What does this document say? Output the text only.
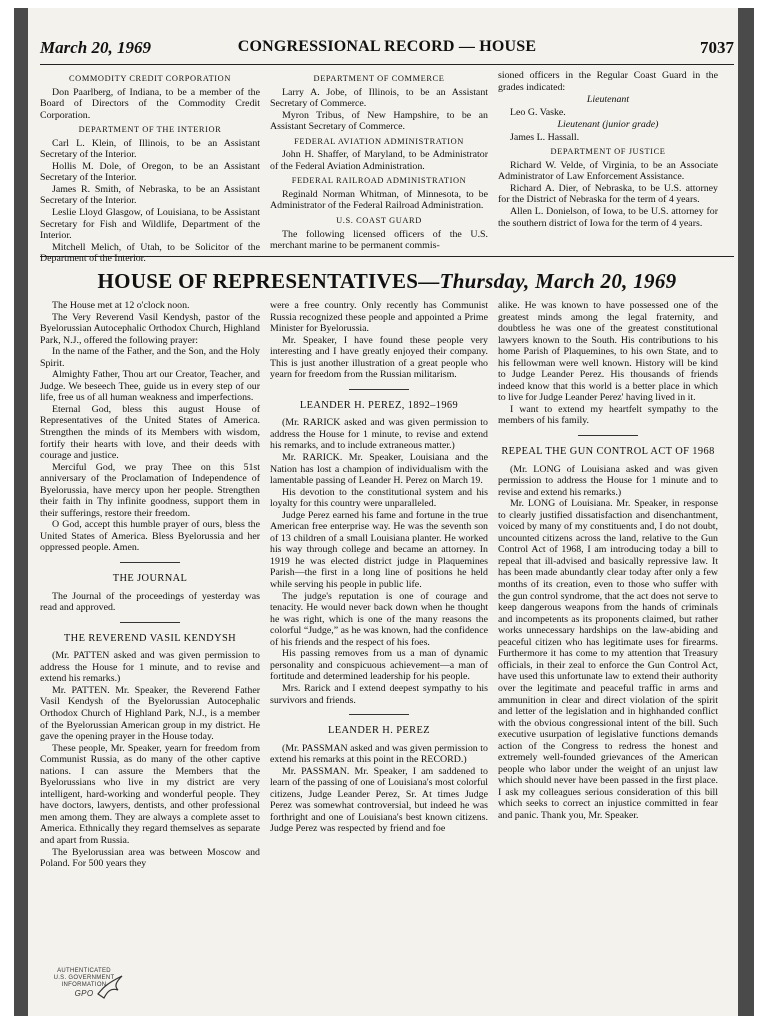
March 20, 1969	CONGRESSIONAL RECORD — HOUSE	7037
COMMODITY CREDIT CORPORATION

Don Paarlberg, of Indiana, to be a member of the Board of Directors of the Commodity Credit Corporation.

DEPARTMENT OF THE INTERIOR

Carl L. Klein, of Illinois, to be an Assistant Secretary of the Interior.

Hollis M. Dole, of Oregon, to be an Assistant Secretary of the Interior.

James R. Smith, of Nebraska, to be an Assistant Secretary of the Interior.

Leslie Lloyd Glasgow, of Louisiana, to be Assistant Secretary for Fish and Wildlife, Department of the Interior.

Mitchell Melich, of Utah, to be Solicitor of the Department of the Interior.

DEPARTMENT OF COMMERCE

Larry A. Jobe, of Illinois, to be an Assistant Secretary of Commerce.

Myron Tribus, of New Hampshire, to be an Assistant Secretary of Commerce.

FEDERAL AVIATION ADMINISTRATION

John H. Shaffer, of Maryland, to be Administrator of the Federal Aviation Administration.

FEDERAL RAILROAD ADMINISTRATION

Reginald Norman Whitman, of Minnesota, to be Administrator of the Federal Railroad Administration.

U.S. COAST GUARD

The following licensed officers of the U.S. merchant marine to be permanent commis-

sioned officers in the Regular Coast Guard in the grades indicated:

Lieutenant

Leo G. Vaske.

Lieutenant (junior grade)

James L. Hassall.

DEPARTMENT OF JUSTICE

Richard W. Velde, of Virginia, to be an Associate Administrator of Law Enforcement Assistance.

Richard A. Dier, of Nebraska, to be U.S. attorney for the District of Nebraska for the term of 4 years.

Allen L. Donielson, of Iowa, to be U.S. attorney for the southern district of Iowa for the term of 4 years.

HOUSE OF REPRESENTATIVES—Thursday, March 20, 1969

The House met at 12 o'clock noon.

The Very Reverend Vasil Kendysh, pastor of the Byelorussian Autocephalic Orthodox Church, Highland Park, N.J., offered the following prayer:

In the name of the Father, and the Son, and the Holy Spirit.

Almighty Father, Thou art our Creator, Teacher, and Judge. We beseech Thee, guide us in every step of our life, free us of all human weakness and imperfections.

Eternal God, bless this august House of Representatives of the United States of America. Strengthen the minds of its Members with wisdom, fortify their hearts with love, and their deeds with courage and justice.

Merciful God, we pray Thee on this 51st anniversary of the Proclamation of Independence of Byelorussia, have mercy upon her people. Strengthen their faith in Thy infinite goodness, support them in their sufferings, restore their freedom.

O God, accept this humble prayer of ours, bless the United States of America. Bless Byelorussia and her oppressed people. Amen.

THE JOURNAL

The Journal of the proceedings of yesterday was read and approved.

THE REVEREND VASIL KENDYSH

(Mr. PATTEN asked and was given permission to address the House for 1 minute, and to revise and extend his remarks.)

Mr. PATTEN. Mr. Speaker, the Reverend Father Vasil Kendysh of the Byelorussian Autocephalic Orthodox Church of Highland Park, N.J., is a member of the Byelorussian American group in my district. He gave the opening prayer in the House today.

These people, Mr. Speaker, yearn for freedom from Communist Russia, as do many of the other captive nations. I can assure the Members that the Byelorussians who live in my district are very intelligent, hard-working and wonderful people. They have doctors, lawyers, dentists, and other professional men among them. They are always a complete asset to America. Ethnically they regard themselves as separate and apart from Russia.

The Byelorussian area was between Moscow and Poland. For 500 years they

were a free country. Only recently has Communist Russia recognized these people and appointed a Prime Minister for Byelorussia.

Mr. Speaker, I have found these people very interesting and I have greatly enjoyed their company. This is just another illustration of a great people who yearn for freedom from the Russian militarism.

LEANDER H. PEREZ, 1892–1969

(Mr. RARICK asked and was given permission to address the House for 1 minute, to revise and extend his remarks, and to include extraneous matter.)

Mr. RARICK. Mr. Speaker, Louisiana and the Nation has lost a champion of individualism with the lamentable passing of Leander H. Perez on March 19.

His devotion to the constitutional system and his loyalty for this country were unparalleled.

Judge Perez earned his fame and fortune in the true American free enterprise way. He was the seventh son of 13 children of a small Louisiana planter. He worked his way through college and became an attorney. In 1919 he was elected district judge in Plaquemines Parish—the first in a long line of positions he held while serving his people in public life.

The judge's reputation is one of courage and tenacity. He would never back down when he thought he was right, which is one of the many reasons the colorful “Judge,” as he was known, had the confidence of his friends and the respect of his foes.

His passing removes from us a man of dynamic personality and conspicuous achievement—a man of fortitude and determined leadership for his people.

Mrs. Rarick and I extend deepest sympathy to his survivors and friends.

LEANDER H. PEREZ

(Mr. PASSMAN asked and was given permission to extend his remarks at this point in the RECORD.)

Mr. PASSMAN. Mr. Speaker, I am saddened to learn of the passing of one of Louisiana's most colorful citizens, Judge Leander Perez, Sr. At times Judge Perez was somewhat controversial, but indeed he was forthright and one of Louisiana's best known citizens. Judge Perez was respected by friend and foe

alike. He was known to have possessed one of the greatest minds among the legal fraternity, and doubtless he was one of the greatest constitutional lawyers known to the South. His contributions to his home Parish of Plaquemines, to his own State, and to his fellowman were well known. History will be kind to Judge Leander Perez. His thousands of friends indeed know that this world is a better place in which to live for Judge Leander Perez' having lived in it.

I want to extend my heartfelt sympathy to the members of his family.

REPEAL THE GUN CONTROL ACT OF 1968

(Mr. LONG of Louisiana asked and was given permission to address the House for 1 minute and to revise and extend his remarks.)

Mr. LONG of Louisiana. Mr. Speaker, in response to clearly justified dissatisfaction and disenchantment, voiced by many of my constituents and, I do not doubt, uncounted citizens across the land, relative to the Gun Control Act of 1968, I am introducing today a bill to repeal that ill-advised and basically repressive law. It has been made abundantly clear today after only a few months of its creation, even to those who suffer with the gun control syndrome, that the act does not serve to keep dangerous weapons from the hands of criminals and incompetents as its proponents claimed, but rather works unnecessary hardships on the law-abiding and peaceful citizen who has legitimate uses for firearms. Furthermore it has come to my attention that Treasury officials, in their zeal to enforce the Gun Control Act, have used this unfortunate law to extend their authority over the legitimate and peaceful traffic in arms and ammunition in clear and direct violation of the spirit and letter of the legislation and in highhanded conflict with the obvious congressional intent of the bill. Such executive usurpation of legislative functions demands action of the Congress to redress the honest and extremely well-founded grievances of the American people who labor under the weight of an unjust law which should never have been passed in the first place. I ask my colleagues serious consideration of this bill which seeks to correct an injustice committed in fear and panic. Thank you, Mr. Speaker.

AUTHENTICATED
U.S. GOVERNMENT
INFORMATION
GPO
